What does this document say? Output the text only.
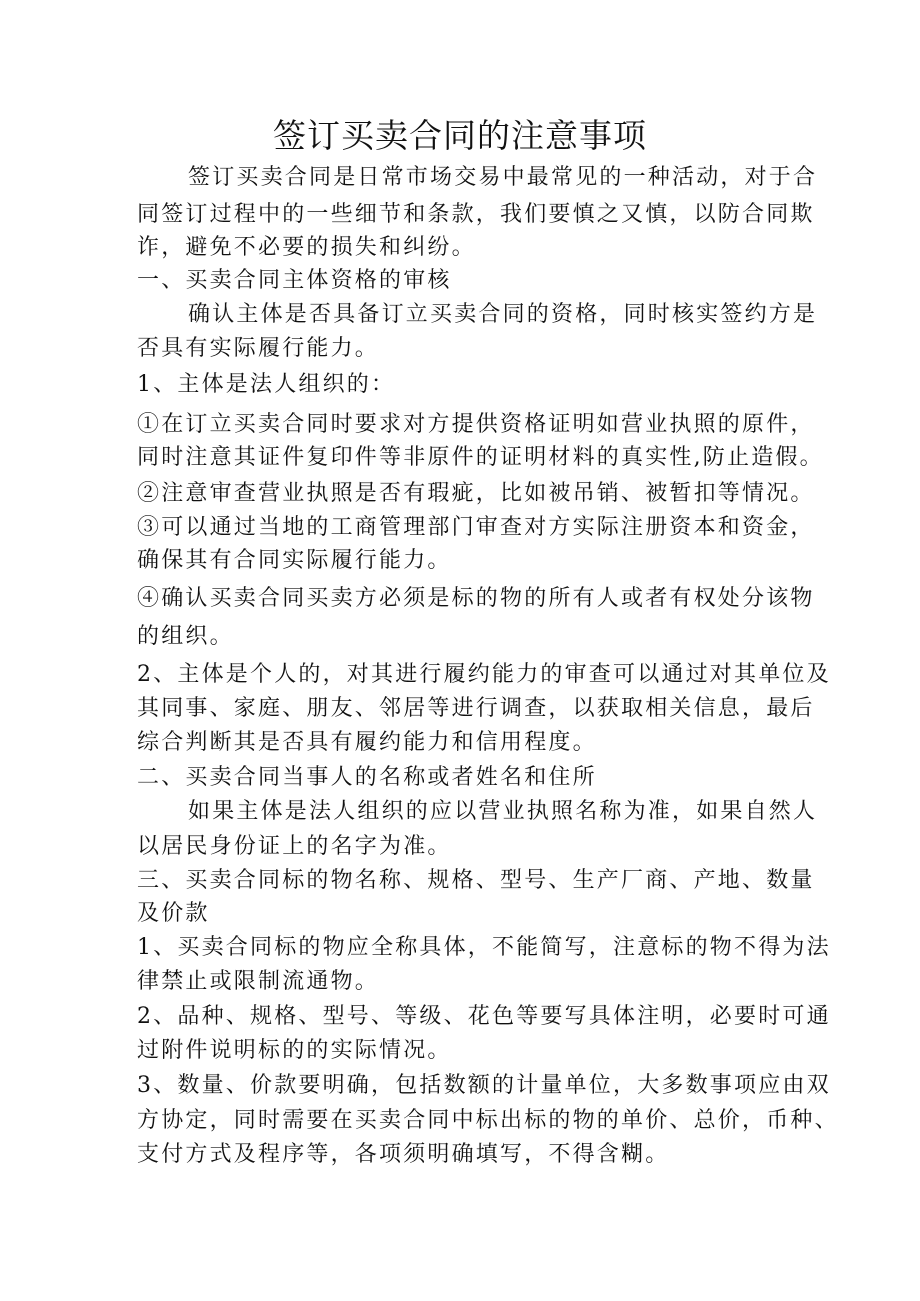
签订买卖合同的注意事项
签订买卖合同是日常市场交易中最常见的一种活动，对于合
同签订过程中的一些细节和条款，我们要慎之又慎，以防合同欺
诈，避免不必要的损失和纠纷。
一、买卖合同主体资格的审核
确认主体是否具备订立买卖合同的资格，同时核实签约方是
否具有实际履行能力。
1、主体是法人组织的：
①在订立买卖合同时要求对方提供资格证明如营业执照的原件，
同时注意其证件复印件等非原件的证明材料的真实性,防止造假。
②注意审查营业执照是否有瑕疵，比如被吊销、被暂扣等情况。
③可以通过当地的工商管理部门审查对方实际注册资本和资金，
确保其有合同实际履行能力。
④确认买卖合同买卖方必须是标的物的所有人或者有权处分该物
的组织。
2、主体是个人的，对其进行履约能力的审查可以通过对其单位及
其同事、家庭、朋友、邻居等进行调查，以获取相关信息，最后
综合判断其是否具有履约能力和信用程度。
二、买卖合同当事人的名称或者姓名和住所
如果主体是法人组织的应以营业执照名称为准，如果自然人
以居民身份证上的名字为准。
三、买卖合同标的物名称、规格、型号、生产厂商、产地、数量
及价款
1、买卖合同标的物应全称具体，不能简写，注意标的物不得为法
律禁止或限制流通物。
2、品种、规格、型号、等级、花色等要写具体注明，必要时可通
过附件说明标的的实际情况。
3、数量、价款要明确，包括数额的计量单位，大多数事项应由双
方协定，同时需要在买卖合同中标出标的物的单价、总价，币种、
支付方式及程序等，各项须明确填写，不得含糊。
